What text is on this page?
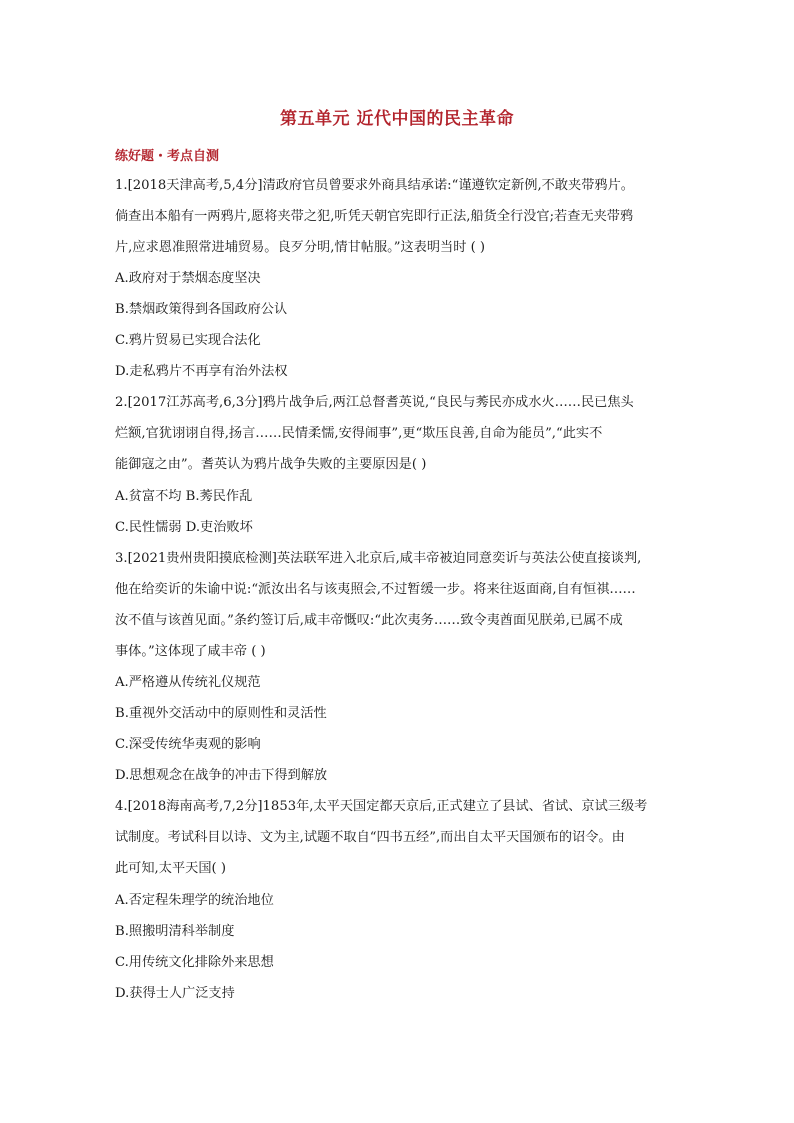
第五单元 近代中国的民主革命
练好题・考点自测
1.[2018天津高考,5,4分]清政府官员曾要求外商具结承诺:“谨遵钦定新例,不敢夹带鸦片。
倘查出本船有一两鸦片,愿将夹带之犯,听凭天朝官宪即行正法,船货全行没官;若查无夹带鸦
片,应求恩准照常进埔贸易。良歹分明,情甘帖服。”这表明当时 ( )
A.政府对于禁烟态度坚决
B.禁烟政策得到各国政府公认
C.鸦片贸易已实现合法化
D.走私鸦片不再享有治外法权
2.[2017江苏高考,6,3分]鸦片战争后,两江总督耆英说,“良民与莠民亦成水火……民已焦头
烂额,官犹诩诩自得,扬言……民情柔懦,安得闹事”,更“欺压良善,自命为能员”,“此实不
能御寇之由”。耆英认为鸦片战争失败的主要原因是( )
A.贫富不均 B.莠民作乱
C.民性懦弱 D.吏治败坏
3.[2021贵州贵阳摸底检测]英法联军进入北京后,咸丰帝被迫同意奕䜣与英法公使直接谈判,
他在给奕䜣的朱谕中说:“派汝出名与该夷照会,不过暂缓一步。将来往返面商,自有恒祺……
汝不值与该酋见面。”条约签订后,咸丰帝慨叹:“此次夷务……致令夷酋面见朕弟,已属不成
事体。”这体现了咸丰帝 ( )
A.严格遵从传统礼仪规范
B.重视外交活动中的原则性和灵活性
C.深受传统华夷观的影响
D.思想观念在战争的冲击下得到解放
4.[2018海南高考,7,2分]1853年,太平天国定都天京后,正式建立了县试、省试、京试三级考
试制度。考试科目以诗、文为主,试题不取自“四书五经”,而出自太平天国颁布的诏令。由
此可知,太平天国( )
A.否定程朱理学的统治地位
B.照搬明清科举制度
C.用传统文化排除外来思想
D.获得士人广泛支持
